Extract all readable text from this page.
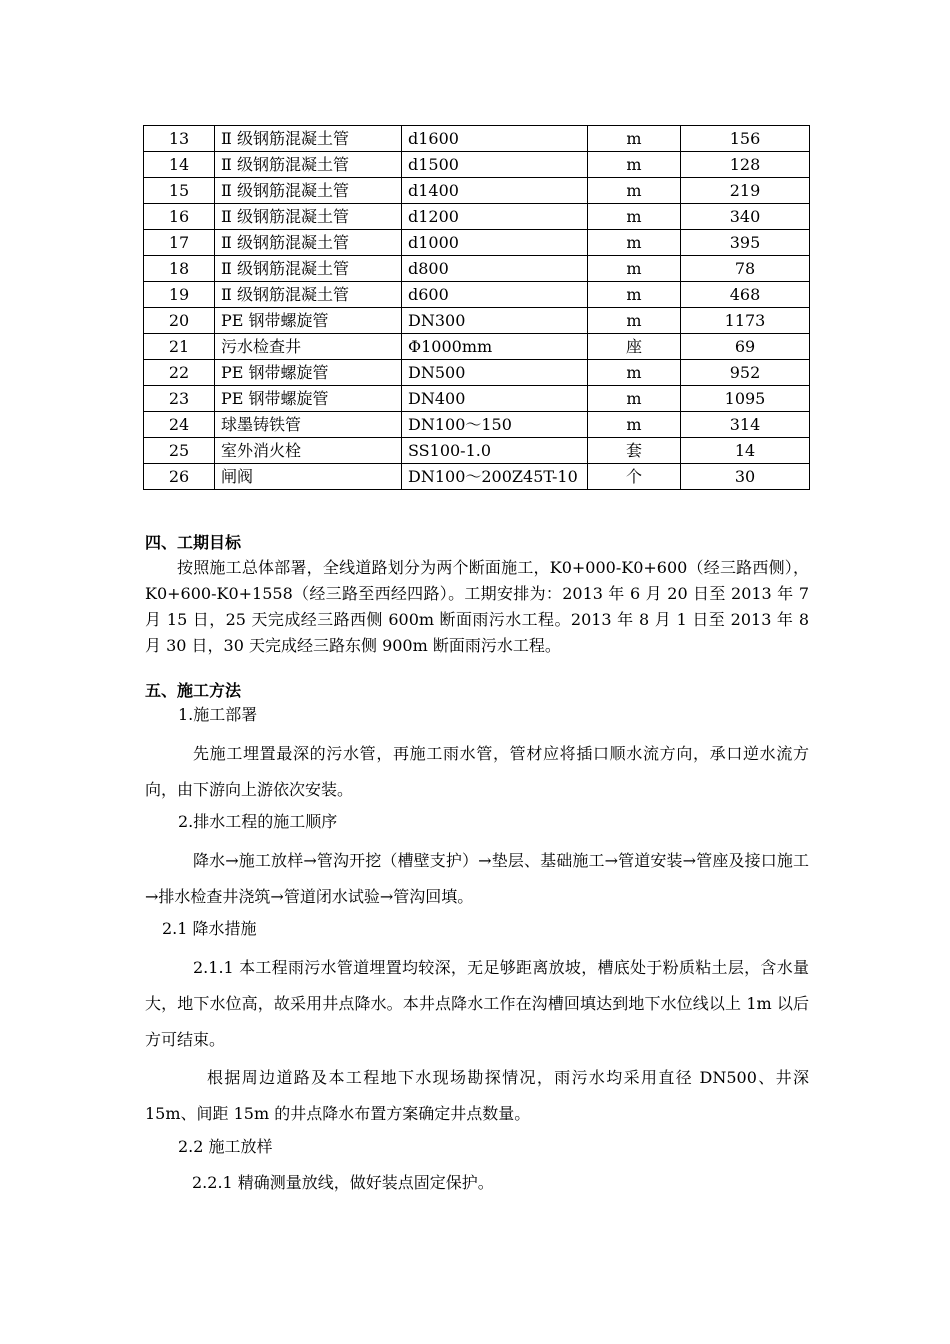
13	Ⅱ 级钢筋混凝土管	d1600	m	156
14	Ⅱ 级钢筋混凝土管	d1500	m	128
15	Ⅱ 级钢筋混凝土管	d1400	m	219
16	Ⅱ 级钢筋混凝土管	d1200	m	340
17	Ⅱ 级钢筋混凝土管	d1000	m	395
18	Ⅱ 级钢筋混凝土管	d800	m	78
19	Ⅱ 级钢筋混凝土管	d600	m	468
20	PE 钢带螺旋管	DN300	m	1173
21	污水检查井	Φ1000mm	座	69
22	PE 钢带螺旋管	DN500	m	952
23	PE 钢带螺旋管	DN400	m	1095
24	球墨铸铁管	DN100～150	m	314
25	室外消火栓	SS100-1.0	套	14
26	闸阀	DN100～200Z45T-10	个	30
四、工期目标

按照施工总体部署，全线道路划分为两个断面施工，K0+000-K0+600（经三路西侧），K0+600-K0+1558（经三路至西经四路）。工期安排为：2013 年 6 月 20 日至 2013 年 7 月 15 日，25 天完成经三路西侧 600m 断面雨污水工程。2013 年 8 月 1 日至 2013 年 8 月 30 日，30 天完成经三路东侧 900m 断面雨污水工程。

五、施工方法
1.施工部署

先施工埋置最深的污水管，再施工雨水管，管材应将插口顺水流方向，承口逆水流方向，由下游向上游依次安装。

2.排水工程的施工顺序

降水→施工放样→管沟开挖（槽壁支护）→垫层、基础施工→管道安装→管座及接口施工→排水检查井浇筑→管道闭水试验→管沟回填。

2.1 降水措施

2.1.1 本工程雨污水管道埋置均较深，无足够距离放坡，槽底处于粉质粘土层，含水量大，地下水位高，故采用井点降水。本井点降水工作在沟槽回填达到地下水位线以上 1m 以后方可结束。

根据周边道路及本工程地下水现场勘探情况，雨污水均采用直径 DN500、井深 15m、间距 15m 的井点降水布置方案确定井点数量。

2.2 施工放样
2.2.1 精确测量放线，做好装点固定保护。
